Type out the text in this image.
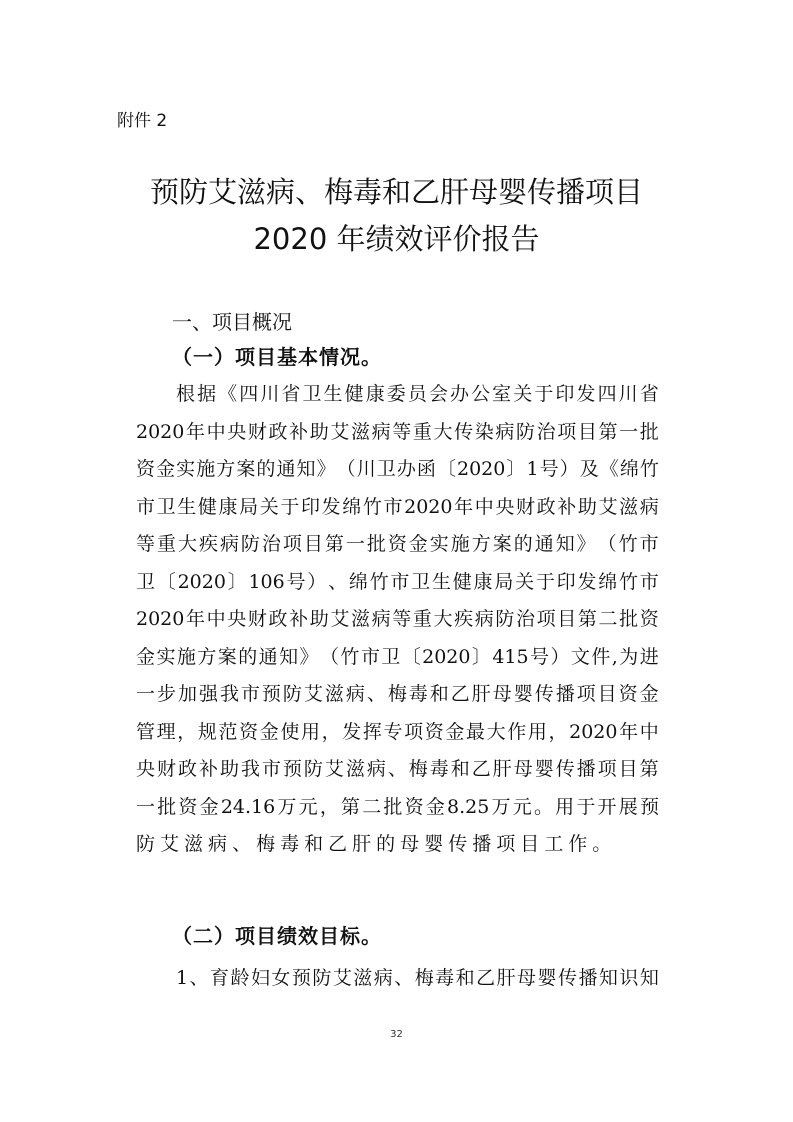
附件 2
预防艾滋病、梅毒和乙肝母婴传播项目
2020 年绩效评价报告
一、项目概况
（一）项目基本情况。
根 据 《 四 川 省 卫 生 健 康 委 员 会 办 公 室 关 于 印 发 四 川 省
2020 年 中 央 财 政 补 助 艾 滋 病 等 重 大 传 染 病 防 治 项 目 第 一 批
资 金 实 施 方 案 的 通 知 》 （ 川 卫 办 函 〔 2020 〕 1 号 ） 及 《 绵 竹
市 卫 生 健 康 局 关 于 印 发 绵 竹 市 2020 年 中 央 财 政 补 助 艾 滋 病
等 重 大 疾 病 防 治 项 目 第 一 批 资 金 实 施 方 案 的 通 知 》 （ 竹 市
卫 〔 2020 〕 106 号 ） 、 绵 竹 市 卫 生 健 康 局 关 于 印 发 绵 竹 市
2020 年 中 央 财 政 补 助 艾 滋 病 等 重 大 疾 病 防 治 项 目 第 二 批 资
金 实 施 方 案 的 通 知 》 （ 竹 市 卫 〔 2020 〕 415 号 ） 文 件 , 为 进
一 步 加 强 我 市 预 防 艾 滋 病 、 梅 毒 和 乙 肝 母 婴 传 播 项 目 资 金
管 理 ， 规 范 资 金 使 用 ， 发 挥 专 项 资 金 最 大 作 用 ， 2020 年 中
央 财 政 补 助 我 市 预 防 艾 滋 病 、 梅 毒 和 乙 肝 母 婴 传 播 项 目 第
一 批 资 金 24.16 万 元 ， 第 二 批 资 金 8.25 万 元 。 用 于 开 展 预
防 艾 滋 病 、 梅 毒 和 乙 肝 的 母 婴 传 播 项 目 工 作 。
（二）项目绩效目标。
1 、 育 龄 妇 女 预 防 艾 滋 病 、 梅 毒 和 乙 肝 母 婴 传 播 知 识 知
32
